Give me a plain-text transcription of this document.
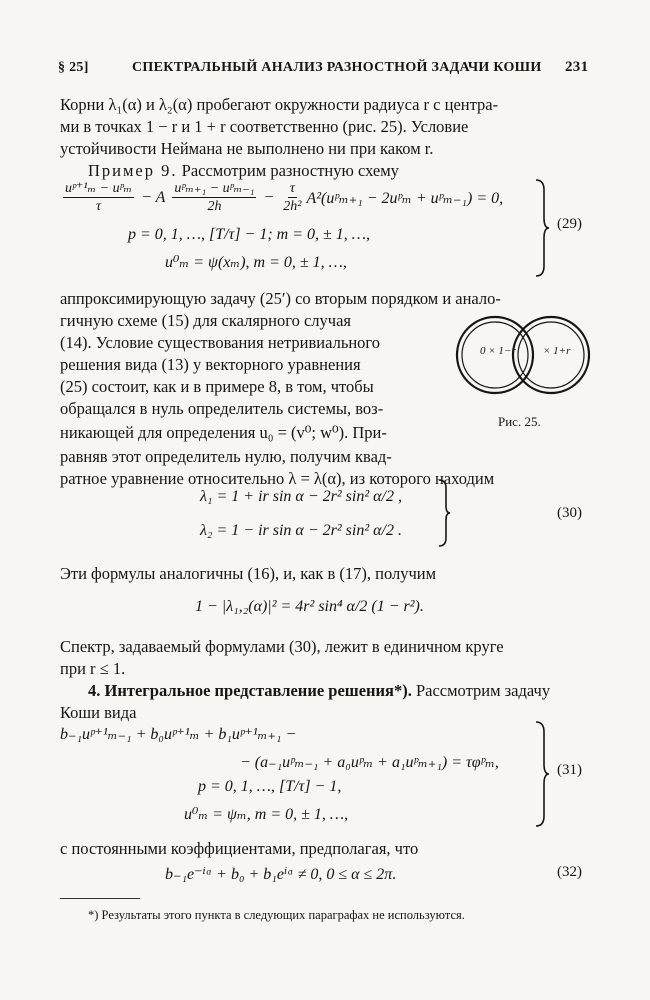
§ 25]	СПЕКТРАЛЬНЫЙ АНАЛИЗ РАЗНОСТНОЙ ЗАДАЧИ КОШИ 231
Корни λ₁(α) и λ₂(α) пробегают окружности радиуса r с центра-
ми в точках 1 − r и 1 + r соответственно (рис. 25). Условие
устойчивости Неймана не выполнено ни при каком r.
Пример 9. Рассмотрим разностную схему
$\frac{\text{uᵖ⁺¹ₘ − uᵖₘ}}{\tau} - A \frac{\text{uᵖₘ₊₁ − uᵖₘ₋₁}}{2h} - \frac{\tau}{\text{2h²}}$ A²(uᵖₘ₊₁ − 2uᵖₘ + uᵖₘ₋₁) = 0,
p = 0, 1, …, [T/τ] − 1; m = 0, ± 1, …,
u⁰ₘ = ψ(xₘ), m = 0, ± 1, …,
(29)
аппроксимирующую задачу (25′) со вторым порядком и анало-
гичную схеме (15) для скалярного случая
(14). Условие существования нетривиального
решения вида (13) у векторного уравнения
(25) состоит, как и в примере 8, в том, чтобы
обращался в нуль определитель системы, воз-
никающей для определения u₀ = (v⁰; w⁰). При-
равняв этот определитель нулю, получим квад-
ратное уравнение относительно λ = λ(α), из которого находим
0 × 1−r × 1+r
Рис. 25.
λ₁ = 1 + ir sin α − 2r² sin² α/2 ,
λ₂ = 1 − ir sin α − 2r² sin² α/2 .
(30)
Эти формулы аналогичны (16), и, как в (17), получим
1 − |λ₁,₂(α)|² = 4r² sin⁴ α/2 (1 − r²).
Спектр, задаваемый формулами (30), лежит в единичном круге
при r ≤ 1.
4. Интегральное представление решения*). Рассмотрим задачу
Коши вида
b₋₁uᵖ⁺¹ₘ₋₁ + b₀uᵖ⁺¹ₘ + b₁uᵖ⁺¹ₘ₊₁ −
− (a₋₁uᵖₘ₋₁ + a₀uᵖₘ + a₁uᵖₘ₊₁) = τφᵖₘ,
p = 0, 1, …, [T/τ] − 1,
u⁰ₘ = ψₘ, m = 0, ± 1, …,
(31)
с постоянными коэффициентами, предполагая, что
b₋₁e⁻ⁱᵅ + b₀ + b₁eⁱᵅ ≠ 0, 0 ≤ α ≤ 2π.	(32)
*) Результаты этого пункта в следующих параграфах не используются.
